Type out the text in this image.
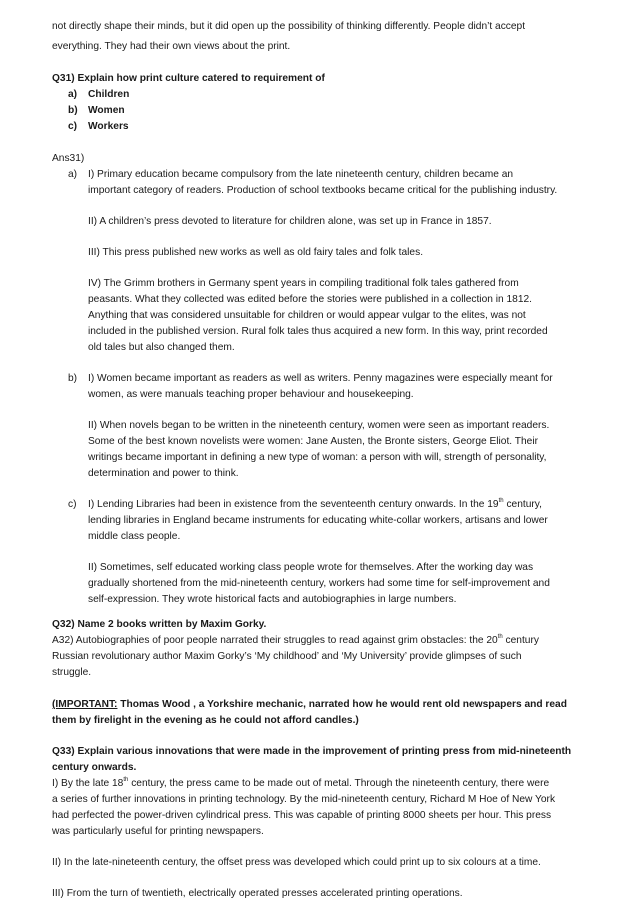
not directly shape their minds, but it did open up the possibility of thinking differently. People didn’t accept
everything. They had their own views about the print.
Q31) Explain how print culture catered to requirement of
a) Children
b) Women
c) Workers
Ans31)
a) I) Primary education became compulsory from the late nineteenth century, children became an
important category of readers. Production of school textbooks became critical for the publishing industry.
II) A children’s press devoted to literature for children alone, was set up in France in 1857.
III) This press published new works as well as old fairy tales and folk tales.
IV) The Grimm brothers in Germany spent years in compiling traditional folk tales gathered from
peasants. What they collected was edited before the stories were published in a collection in 1812.
Anything that was considered unsuitable for children or would appear vulgar to the elites, was not
included in the published version. Rural folk tales thus acquired a new form. In this way, print recorded
old tales but also changed them.
b) I) Women became important as readers as well as writers. Penny magazines were especially meant for
women, as were manuals teaching proper behaviour and housekeeping.
II) When novels began to be written in the nineteenth century, women were seen as important readers.
Some of the best known novelists were women: Jane Austen, the Bronte sisters, George Eliot. Their
writings became important in defining a new type of woman: a person with will, strength of personality,
determination and power to think.
c) I) Lending Libraries had been in existence from the seventeenth century onwards. In the 19th century,
lending libraries in England became instruments for educating white-collar workers, artisans and lower
middle class people.
II) Sometimes, self educated working class people wrote for themselves. After the working day was
gradually shortened from the mid-nineteenth century, workers had some time for self-improvement and
self-expression. They wrote historical facts and autobiographies in large numbers.
Q32) Name 2 books written by Maxim Gorky.
A32) Autobiographies of poor people narrated their struggles to read against grim obstacles: the 20th century
Russian revolutionary author Maxim Gorky’s ‘My childhood’ and ‘My University’ provide glimpses of such
struggle.
(IMPORTANT: Thomas Wood , a Yorkshire mechanic, narrated how he would rent old newspapers and read
them by firelight in the evening as he could not afford candles.)
Q33) Explain various innovations that were made in the improvement of printing press from mid-nineteenth
century onwards.
I) By the late 18th century, the press came to be made out of metal. Through the nineteenth century, there were
a series of further innovations in printing technology. By the mid-nineteenth century, Richard M Hoe of New York
had perfected the power-driven cylindrical press. This was capable of printing 8000 sheets per hour. This press
was particularly useful for printing newspapers.
II) In the late-nineteenth century, the offset press was developed which could print up to six colours at a time.
III) From the turn of twentieth, electrically operated presses accelerated printing operations.
